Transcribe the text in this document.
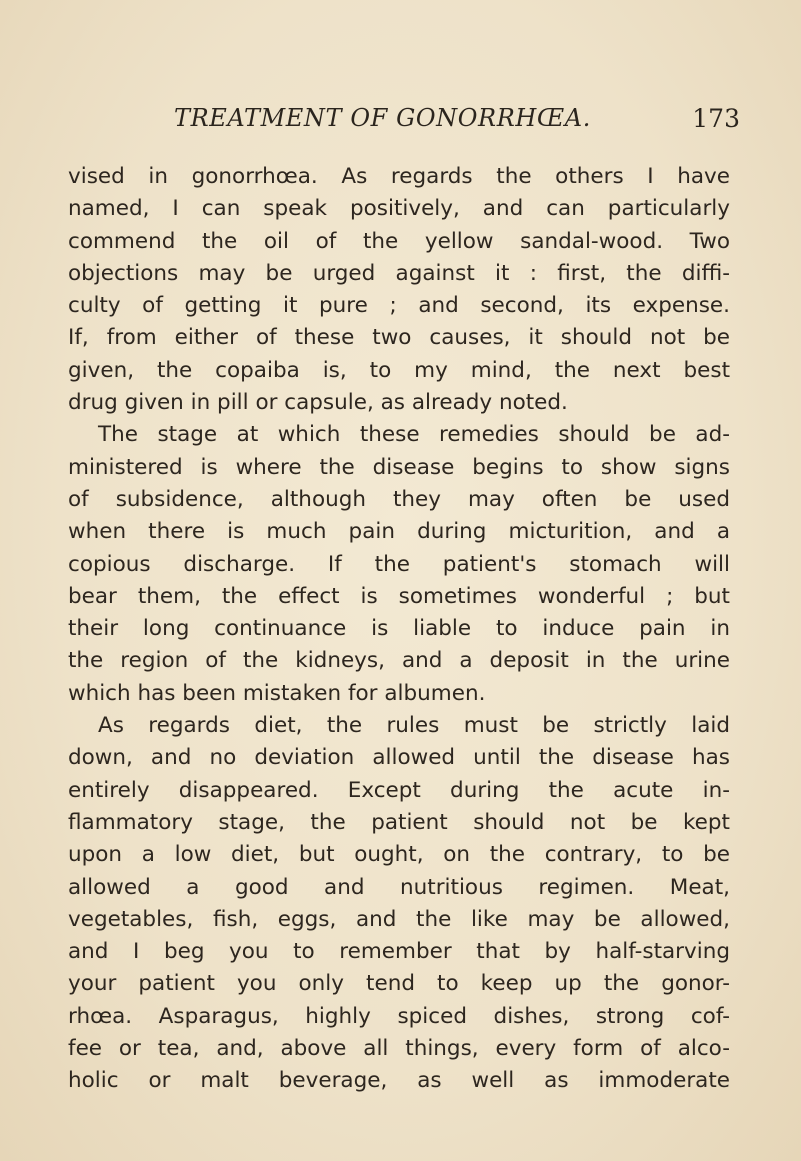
TREATMENT OF GONORRHŒA.	173
vised in gonorrhœa. As regards the others I have
named, I can speak positively, and can particularly
commend the oil of the yellow sandal-wood. Two
objections may be urged against it : first, the diffi-
culty of getting it pure ; and second, its expense.
If, from either of these two causes, it should not be
given, the copaiba is, to my mind, the next best
drug given in pill or capsule, as already noted.
The stage at which these remedies should be ad-
ministered is where the disease begins to show signs
of subsidence, although they may often be used
when there is much pain during micturition, and a
copious discharge. If the patient's stomach will
bear them, the effect is sometimes wonderful ; but
their long continuance is liable to induce pain in
the region of the kidneys, and a deposit in the urine
which has been mistaken for albumen.
As regards diet, the rules must be strictly laid
down, and no deviation allowed until the disease has
entirely disappeared. Except during the acute in-
flammatory stage, the patient should not be kept
upon a low diet, but ought, on the contrary, to be
allowed a good and nutritious regimen. Meat,
vegetables, fish, eggs, and the like may be allowed,
and I beg you to remember that by half-starving
your patient you only tend to keep up the gonor-
rhœa. Asparagus, highly spiced dishes, strong cof-
fee or tea, and, above all things, every form of alco-
holic or malt beverage, as well as immoderate
